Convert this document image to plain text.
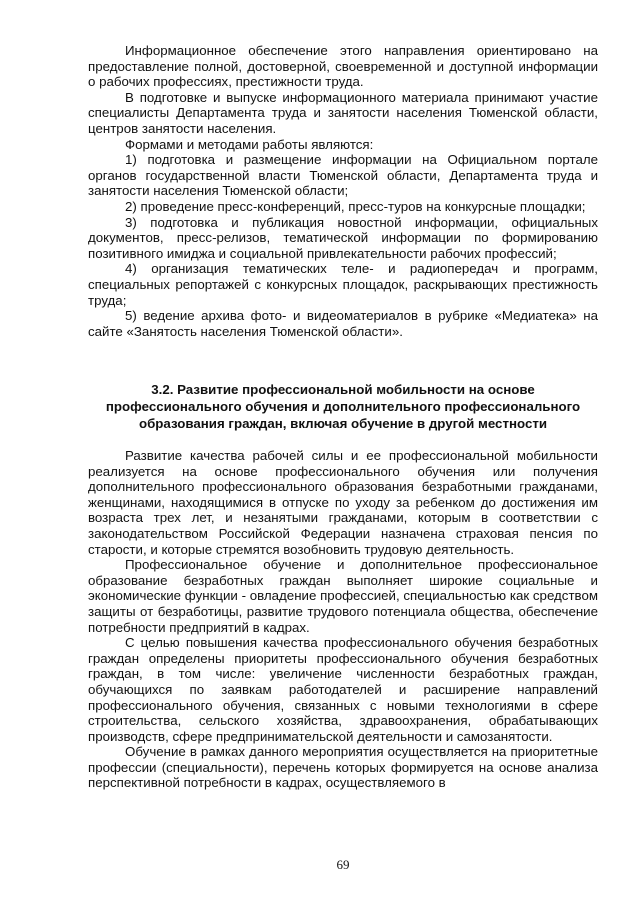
Информационное обеспечение этого направления ориентировано на предоставление полной, достоверной, своевременной и доступной информации о рабочих профессиях, престижности труда.

В подготовке и выпуске информационного материала принимают участие специалисты Департамента труда и занятости населения Тюменской области, центров занятости населения.

Формами и методами работы являются:

1) подготовка и размещение информации на Официальном портале органов государственной власти Тюменской области, Департамента труда и занятости населения Тюменской области;

2) проведение пресс-конференций, пресс-туров на конкурсные площадки;

3) подготовка и публикация новостной информации, официальных документов, пресс-релизов, тематической информации по формированию позитивного имиджа и социальной привлекательности рабочих профессий;

4) организация тематических теле- и радиопередач и программ, специальных репортажей с конкурсных площадок, раскрывающих престижность труда;

5) ведение архива фото- и видеоматериалов в рубрике «Медиатека» на сайте «Занятость населения Тюменской области».

3.2. Развитие профессиональной мобильности на основе
профессионального обучения и дополнительного профессионального
образования граждан, включая обучение в другой местности

Развитие качества рабочей силы и ее профессиональной мобильности реализуется на основе профессионального обучения или получения дополнительного профессионального образования безработными гражданами, женщинами, находящимися в отпуске по уходу за ребенком до достижения им возраста трех лет, и незанятыми гражданами, которым в соответствии с законодательством Российской Федерации назначена страховая пенсия по старости, и которые стремятся возобновить трудовую деятельность.

Профессиональное обучение и дополнительное профессиональное образование безработных граждан выполняет широкие социальные и экономические функции - овладение профессией, специальностью как средством защиты от безработицы, развитие трудового потенциала общества, обеспечение потребности предприятий в кадрах.

С целью повышения качества профессионального обучения безработных граждан определены приоритеты профессионального обучения безработных граждан, в том числе: увеличение численности безработных граждан, обучающихся по заявкам работодателей и расширение направлений профессионального обучения, связанных с новыми технологиями в сфере строительства, сельского хозяйства, здравоохранения, обрабатывающих производств, сфере предпринимательской деятельности и самозанятости.

Обучение в рамках данного мероприятия осуществляется на приоритетные профессии (специальности), перечень которых формируется на основе анализа перспективной потребности в кадрах, осуществляемого в

69
